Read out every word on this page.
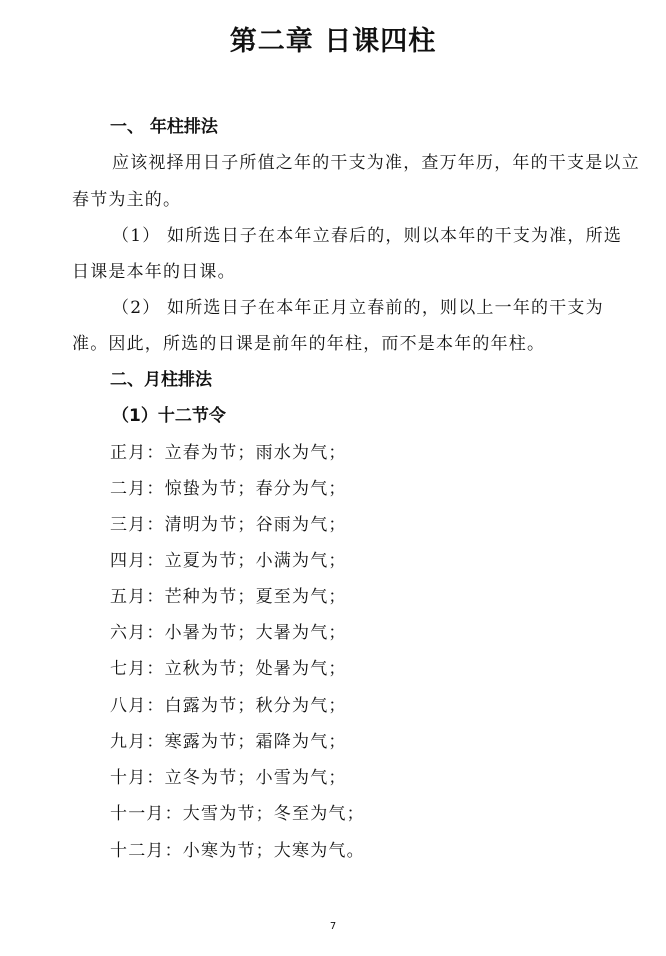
第二章 日课四柱
一、 年柱排法
应该视择用日子所值之年的干支为准，查万年历，年的干支是以立
春节为主的。
（1） 如所选日子在本年立春后的，则以本年的干支为准，所选
日课是本年的日课。
（2） 如所选日子在本年正月立春前的，则以上一年的干支为
准。因此，所选的日课是前年的年柱，而不是本年的年柱。
二、月柱排法
（1）十二节令
正月：立春为节；雨水为气；
二月：惊蛰为节；春分为气；
三月：清明为节；谷雨为气；
四月：立夏为节；小满为气；
五月：芒种为节；夏至为气；
六月：小暑为节；大暑为气；
七月：立秋为节；处暑为气；
八月：白露为节；秋分为气；
九月：寒露为节；霜降为气；
十月：立冬为节；小雪为气；
十一月：大雪为节；冬至为气；
十二月：小寒为节；大寒为气。
7
